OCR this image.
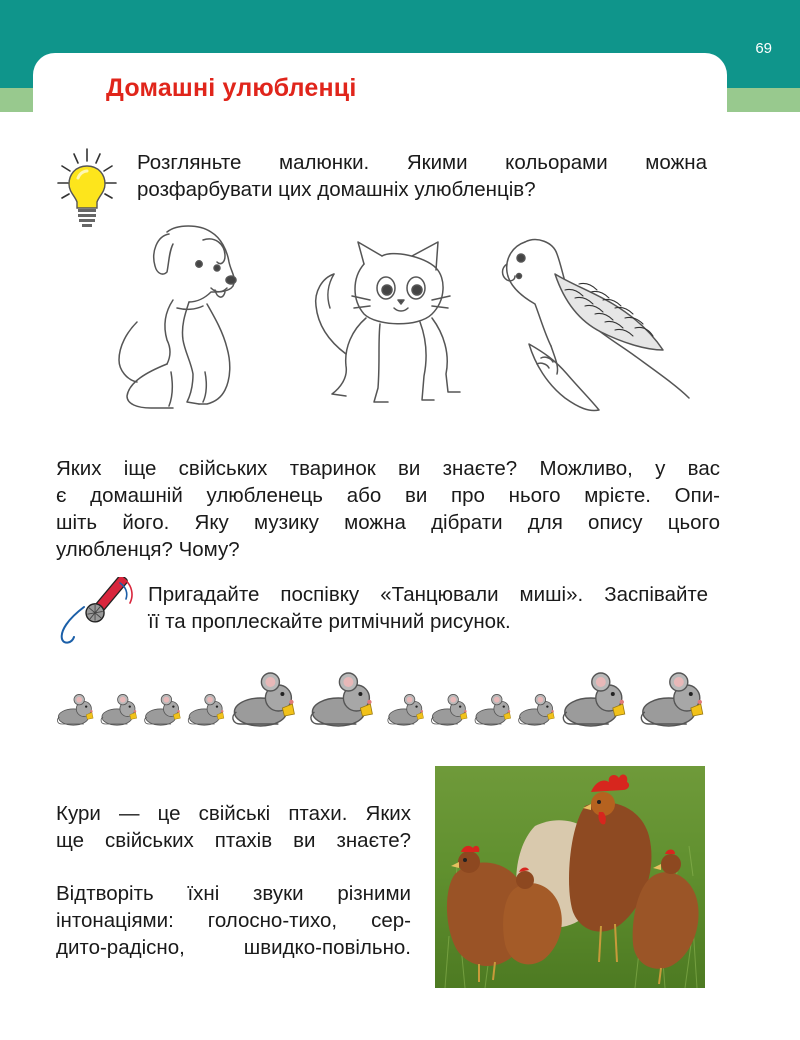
69
Домашні улюбленці

Розгляньте малюнки. Якими кольорами можна
розфарбувати цих домашніх улюбленців?

Яких іще свійських тваринок ви знаєте? Можливо, у вас
є домашній улюбленець або ви про нього мрієте. Опи-
шіть його. Яку музику можна дібрати для опису цього
улюбленця? Чому?

Пригадайте поспівку «Танцювали миші». Заспівайте
її та проплескайте ритмічний рисунок.

Кури — це свійські птахи. Яких
ще свійських птахів ви знаєте?
Відтворіть їхні звуки різними
інтонаціями: голосно-тихо, сер-
дито-радісно, швидко-повільно.
